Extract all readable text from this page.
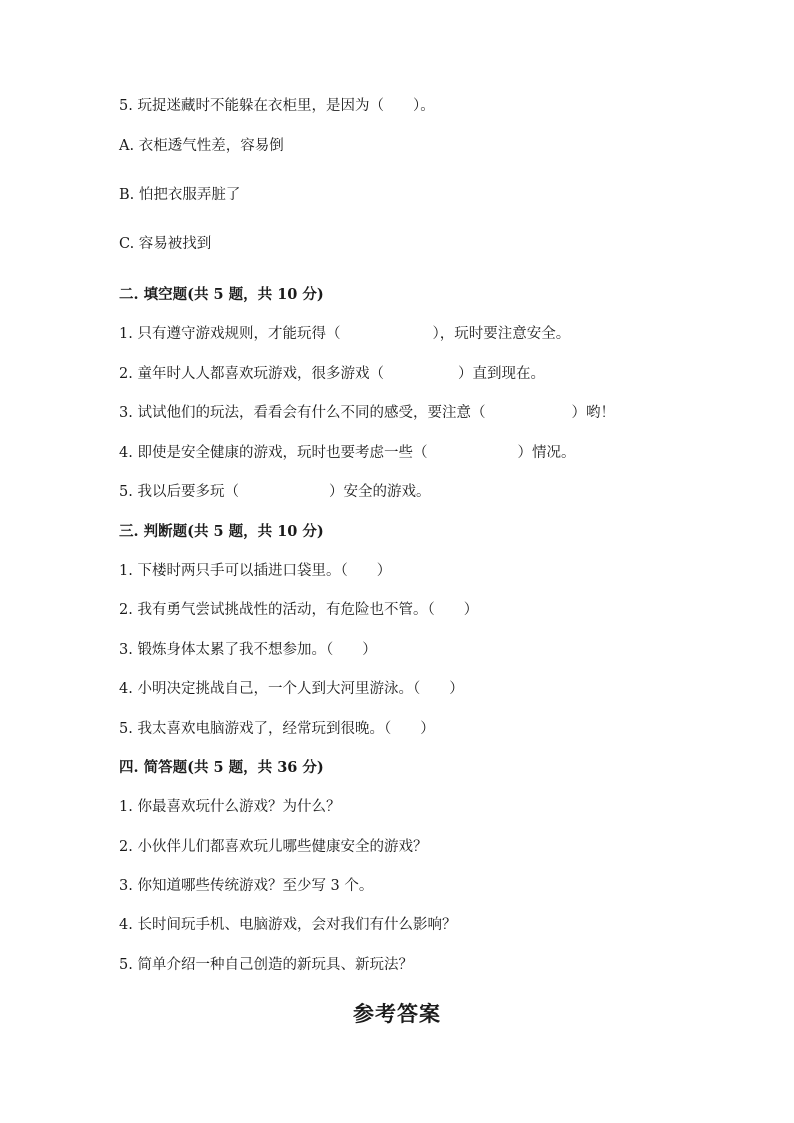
5. 玩捉迷藏时不能躲在衣柜里，是因为（　　）。

A. 衣柜透气性差，容易倒

B. 怕把衣服弄脏了

C. 容易被找到

二. 填空题(共 5 题，共 10 分)

1. 只有遵守游戏规则，才能玩得（	），玩时要注意安全。

2. 童年时人人都喜欢玩游戏，很多游戏（	）直到现在。

3. 试试他们的玩法，看看会有什么不同的感受，要注意（	）哟！

4. 即使是安全健康的游戏，玩时也要考虑一些（	）情况。

5. 我以后要多玩（	）安全的游戏。

三. 判断题(共 5 题，共 10 分)

1. 下楼时两只手可以插进口袋里。（　　）

2. 我有勇气尝试挑战性的活动，有危险也不管。（　　）

3. 锻炼身体太累了我不想参加。（　　）

4. 小明决定挑战自己，一个人到大河里游泳。（　　）

5. 我太喜欢电脑游戏了，经常玩到很晚。（　　）

四. 简答题(共 5 题，共 36 分)

1. 你最喜欢玩什么游戏？为什么？

2. 小伙伴儿们都喜欢玩儿哪些健康安全的游戏？

3. 你知道哪些传统游戏？至少写 3 个。

4. 长时间玩手机、电脑游戏，会对我们有什么影响？

5. 简单介绍一种自己创造的新玩具、新玩法？

参考答案
